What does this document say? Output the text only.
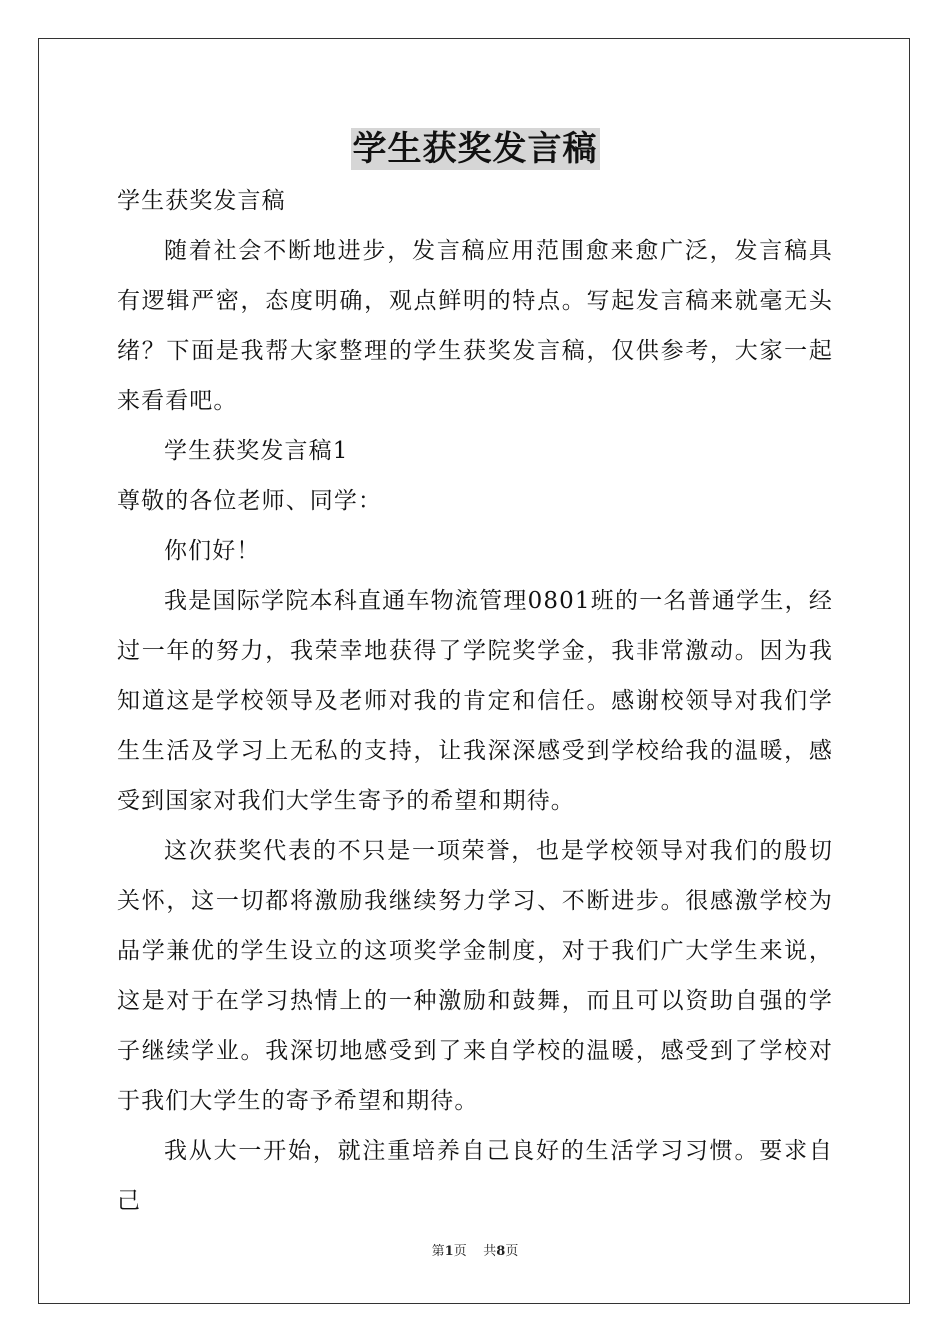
学生获奖发言稿

学生获奖发言稿

随着社会不断地进步，发言稿应用范围愈来愈广泛，发言稿具有逻辑严密，态度明确，观点鲜明的特点。写起发言稿来就毫无头绪？下面是我帮大家整理的学生获奖发言稿，仅供参考，大家一起来看看吧。

学生获奖发言稿1

尊敬的各位老师、同学：

你们好！

我是国际学院本科直通车物流管理0801班的一名普通学生，经过一年的努力，我荣幸地获得了学院奖学金，我非常激动。因为我知道这是学校领导及老师对我的肯定和信任。感谢校领导对我们学生生活及学习上无私的支持，让我深深感受到学校给我的温暖，感受到国家对我们大学生寄予的希望和期待。

这次获奖代表的不只是一项荣誉，也是学校领导对我们的殷切关怀，这一切都将激励我继续努力学习、不断进步。很感激学校为品学兼优的学生设立的这项奖学金制度，对于我们广大学生来说，这是对于在学习热情上的一种激励和鼓舞，而且可以资助自强的学子继续学业。我深切地感受到了来自学校的温暖，感受到了学校对于我们大学生的寄予希望和期待。

我从大一开始，就注重培养自己良好的生活学习习惯。要求自己

第1页 共8页
